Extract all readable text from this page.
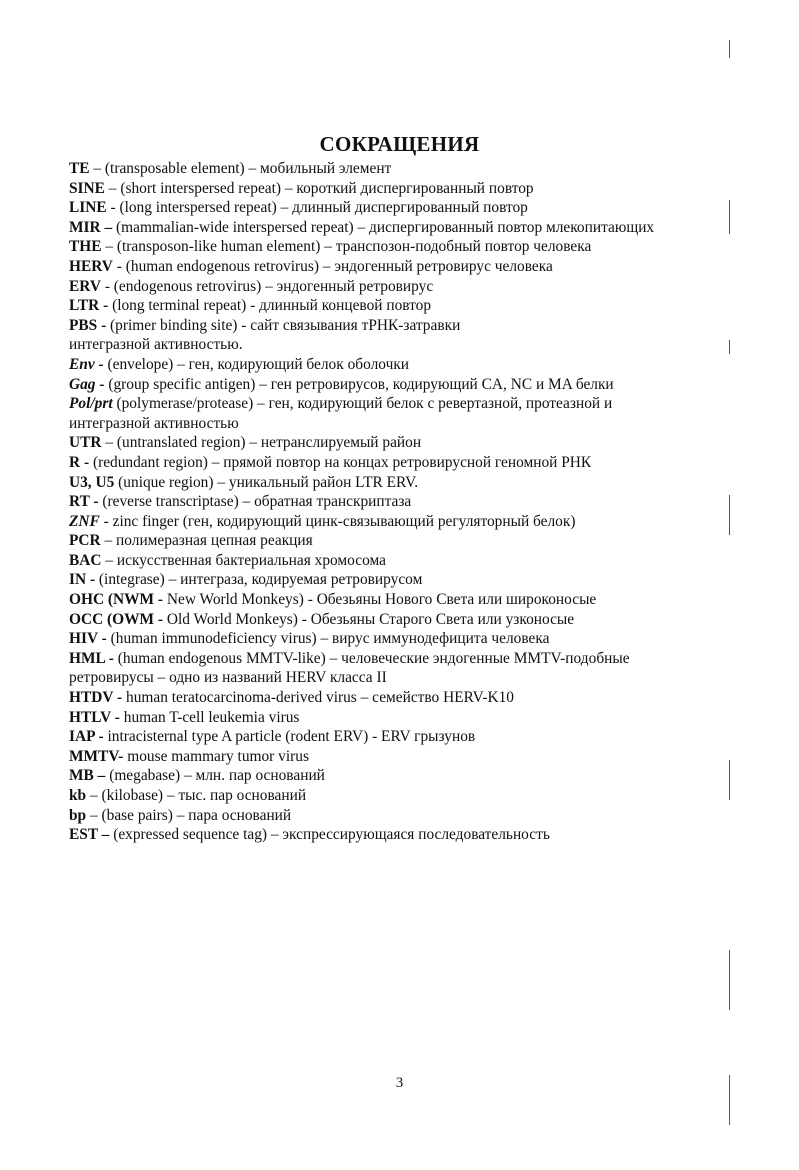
СОКРАЩЕНИЯ
TE – (transposable element) – мобильный элемент
SINE – (short interspersed repeat) – короткий диспергированный повтор
LINE - (long interspersed repeat) – длинный диспергированный повтор
MIR – (mammalian-wide interspersed repeat) – диспергированный повтор млекопитающих
THE – (transposon-like human element) – транспозон-подобный повтор человека
HERV - (human endogenous retrovirus) – эндогенный ретровирус человека
ERV - (endogenous retrovirus) – эндогенный ретровирус
LTR - (long terminal repeat) - длинный концевой повтор
PBS - (primer binding site) - сайт связывания тРНК-затравки
интегразной активностью.
Env - (envelope) – ген, кодирующий белок оболочки
Gag - (group specific antigen) – ген ретровирусов, кодирующий CA, NC и MA белки
Pol/prt (polymerase/protease) – ген, кодирующий белок с ревертазной, протеазной и
интегразной активностью
UTR – (untranslated region) – нетранслируемый район
R - (redundant region) – прямой повтор на концах ретровирусной геномной РНК
U3, U5 (unique region) – уникальный район LTR ERV.
RT - (reverse transcriptase) – обратная транскриптаза
ZNF - zinc finger (ген, кодирующий цинк-связывающий регуляторный белок)
PCR – полимеразная цепная реакция
BAC – искусственная бактериальная хромосома
IN - (integrase) – интеграза, кодируемая ретровирусом
OHC (NWM - New World Monkeys) - Обезьяны Нового Света или широконосые
OCC (OWM - Old World Monkeys) - Обезьяны Старого Света или узконосые
HIV - (human immunodeficiency virus) – вирус иммунодефицита человека
HML - (human endogenous MMTV-like) – человеческие эндогенные MMTV-подобные
ретровирусы – одно из названий HERV класса II
HTDV - human teratocarcinoma-derived virus – семейство HERV-K10
HTLV - human T-cell leukemia virus
IAP - intracisternal type A particle (rodent ERV) - ERV грызунов
MMTV- mouse mammary tumor virus
MB – (megabase) – млн. пар оснований
kb – (kilobase) – тыс. пар оснований
bp – (base pairs) – пара оснований
EST – (expressed sequence tag) – экспрессирующаяся последовательность
3
